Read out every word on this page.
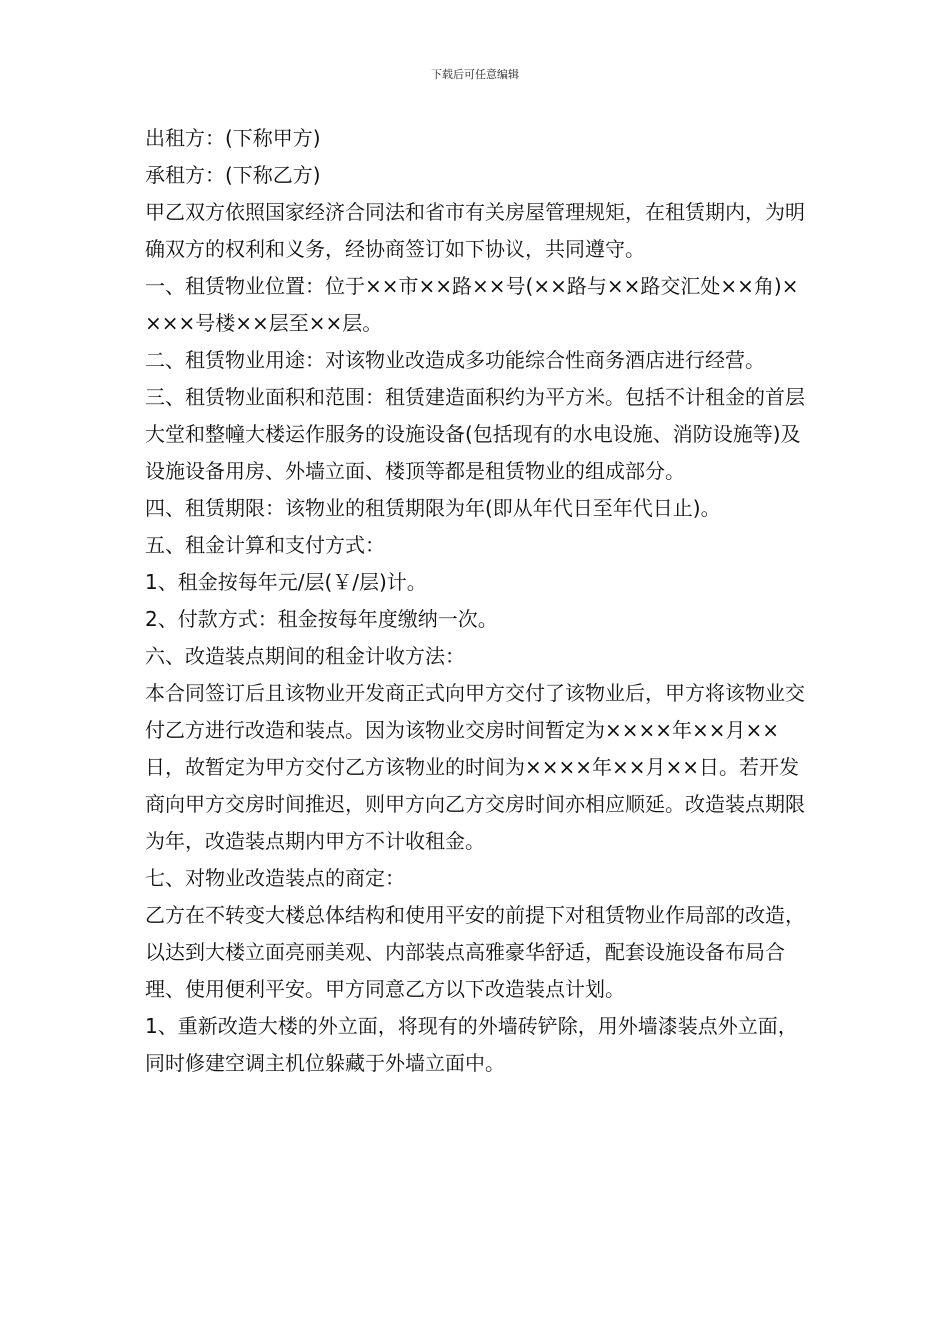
下载后可任意编辑

出租方：(下称甲方)

承租方：(下称乙方)

甲乙双方依照国家经济合同法和省市有关房屋管理规矩，在租赁期内，为明确双方的权利和义务，经协商签订如下协议，共同遵守。

一、租赁物业位置：位于××市××路××号(××路与××路交汇处××角)××××号楼××层至××层。

二、租赁物业用途：对该物业改造成多功能综合性商务酒店进行经营。

三、租赁物业面积和范围：租赁建造面积约为平方米。包括不计租金的首层大堂和整幢大楼运作服务的设施设备(包括现有的水电设施、消防设施等)及设施设备用房、外墙立面、楼顶等都是租赁物业的组成部分。

四、租赁期限：该物业的租赁期限为年(即从年代日至年代日止)。

五、租金计算和支付方式：

1、租金按每年元/层(￥/层)计。

2、付款方式：租金按每年度缴纳一次。

六、改造装点期间的租金计收方法：

本合同签订后且该物业开发商正式向甲方交付了该物业后，甲方将该物业交付乙方进行改造和装点。因为该物业交房时间暂定为××××年××月××日，故暂定为甲方交付乙方该物业的时间为××××年××月××日。若开发商向甲方交房时间推迟，则甲方向乙方交房时间亦相应顺延。改造装点期限为年，改造装点期内甲方不计收租金。

七、对物业改造装点的商定：

乙方在不转变大楼总体结构和使用平安的前提下对租赁物业作局部的改造，以达到大楼立面亮丽美观、内部装点高雅豪华舒适，配套设施设备布局合理、使用便利平安。甲方同意乙方以下改造装点计划。

1、重新改造大楼的外立面，将现有的外墙砖铲除，用外墙漆装点外立面，同时修建空调主机位躲藏于外墙立面中。
